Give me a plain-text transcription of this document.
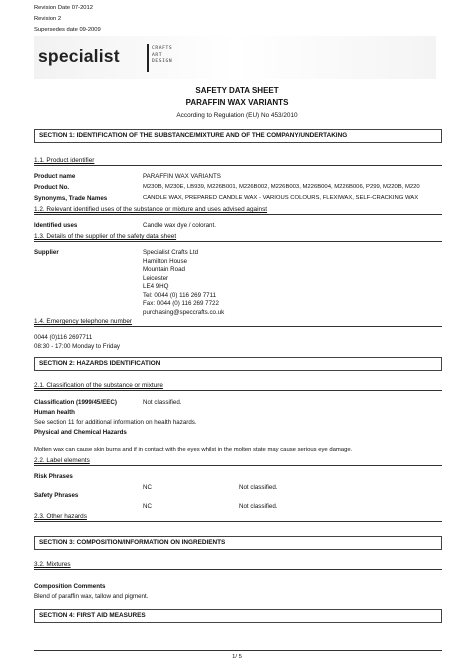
Revision Date 07-2012
Revision 2
Supersedes date 09-2009
specialist	CRAFTS
ART
DESIGN
SAFETY DATA SHEET
PARAFFIN WAX VARIANTS
According to Regulation (EU) No 453/2010
SECTION 1: IDENTIFICATION OF THE SUBSTANCE/MIXTURE AND OF THE COMPANY/UNDERTAKING
1.1. Product identifier
Product name	PARAFFIN WAX VARIANTS
Product No.	M230B, M230E, LB939, M226B001, M226B002, M226B003, M226B004, M226B006, P299, M220B, M220
Synonyms, Trade Names	CANDLE WAX, PREPARED CANDLE WAX - VARIOUS COLOURS, FLEXIWAX, SELF-CRACKING WAX
1.2. Relevant identified uses of the substance or mixture and uses advised against
Identified uses	Candle wax dye / colorant.
1.3. Details of the supplier of the safety data sheet
Supplier	Specialist Crafts Ltd
Hamilton House
Mountain Road
Leicester
LE4 9HQ
Tel: 0044 (0) 116 269 7711
Fax: 0044 (0) 116 269 7722
purchasing@speccrafts.co.uk
1.4. Emergency telephone number
0044 (0)116 2697711
08:30 - 17:00 Monday to Friday
SECTION 2: HAZARDS IDENTIFICATION
2.1. Classification of the substance or mixture
Classification (1999/45/EEC)	Not classified.
Human health
See section 11 for additional information on health hazards.
Physical and Chemical Hazards
Molten wax can cause skin burns and if in contact with the eyes whilst in the molten state may cause serious eye damage.
2.2. Label elements
Risk Phrases
NC	Not classified.
Safety Phrases
NC	Not classified.
2.3. Other hazards
SECTION 3: COMPOSITION/INFORMATION ON INGREDIENTS
3.2. Mixtures
Composition Comments
Blend of paraffin wax, tallow and pigment.
SECTION 4: FIRST AID MEASURES
1/ 5
